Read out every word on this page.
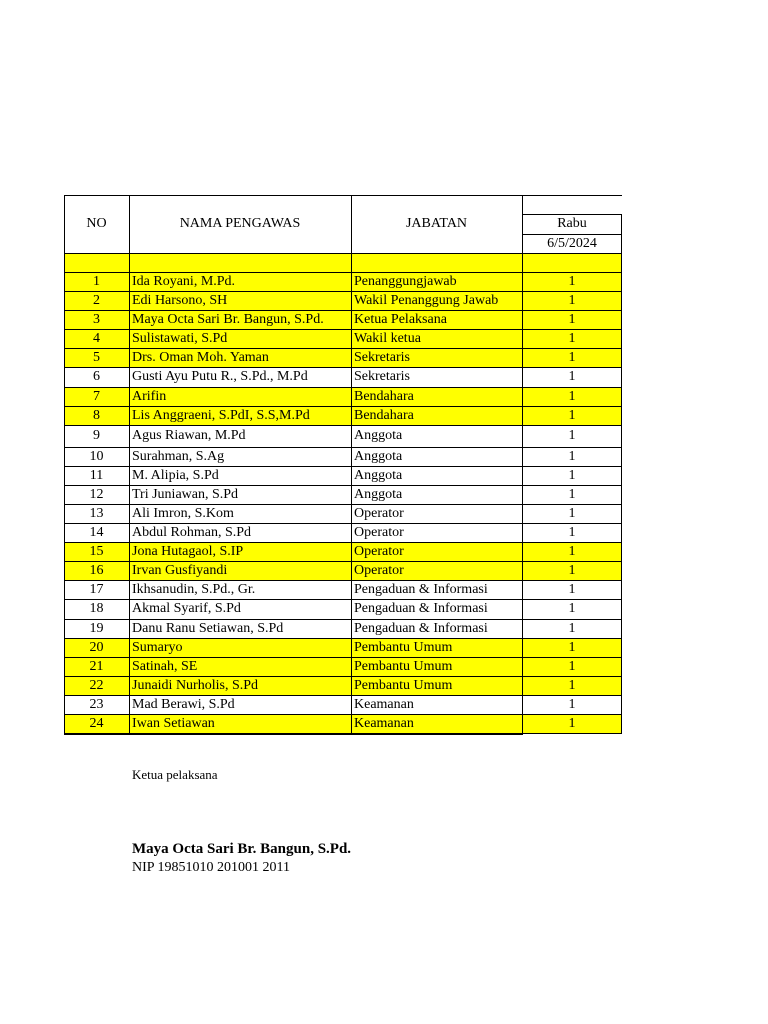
NO	NAMA PENGAWAS	JABATAN	Rabu
6/5/2024
1	Ida Royani, M.Pd.	Penanggungjawab	1
2	Edi Harsono, SH	Wakil Penanggung Jawab	1
3	Maya Octa Sari Br. Bangun, S.Pd.	Ketua Pelaksana	1
4	Sulistawati, S.Pd	Wakil ketua	1
5	Drs. Oman Moh. Yaman	Sekretaris	1
6	Gusti Ayu Putu R., S.Pd., M.Pd	Sekretaris	1
7	Arifin	Bendahara	1
8	Lis Anggraeni, S.PdI, S.S,M.Pd	Bendahara	1
9	Agus Riawan, M.Pd	Anggota	1
10	Surahman, S.Ag	Anggota	1
11	M. Alipia, S.Pd	Anggota	1
12	Tri Juniawan, S.Pd	Anggota	1
13	Ali Imron, S.Kom	Operator	1
14	Abdul Rohman, S.Pd	Operator	1
15	Jona Hutagaol, S.IP	Operator	1
16	Irvan Gusfiyandi	Operator	1
17	Ikhsanudin, S.Pd., Gr.	Pengaduan & Informasi	1
18	Akmal Syarif, S.Pd	Pengaduan & Informasi	1
19	Danu Ranu Setiawan, S.Pd	Pengaduan & Informasi	1
20	Sumaryo	Pembantu Umum	1
21	Satinah, SE	Pembantu Umum	1
22	Junaidi Nurholis, S.Pd	Pembantu Umum	1
23	Mad Berawi, S.Pd	Keamanan	1
24	Iwan Setiawan	Keamanan	1
Ketua pelaksana
Maya Octa Sari Br. Bangun, S.Pd.
NIP 19851010 201001 2011
